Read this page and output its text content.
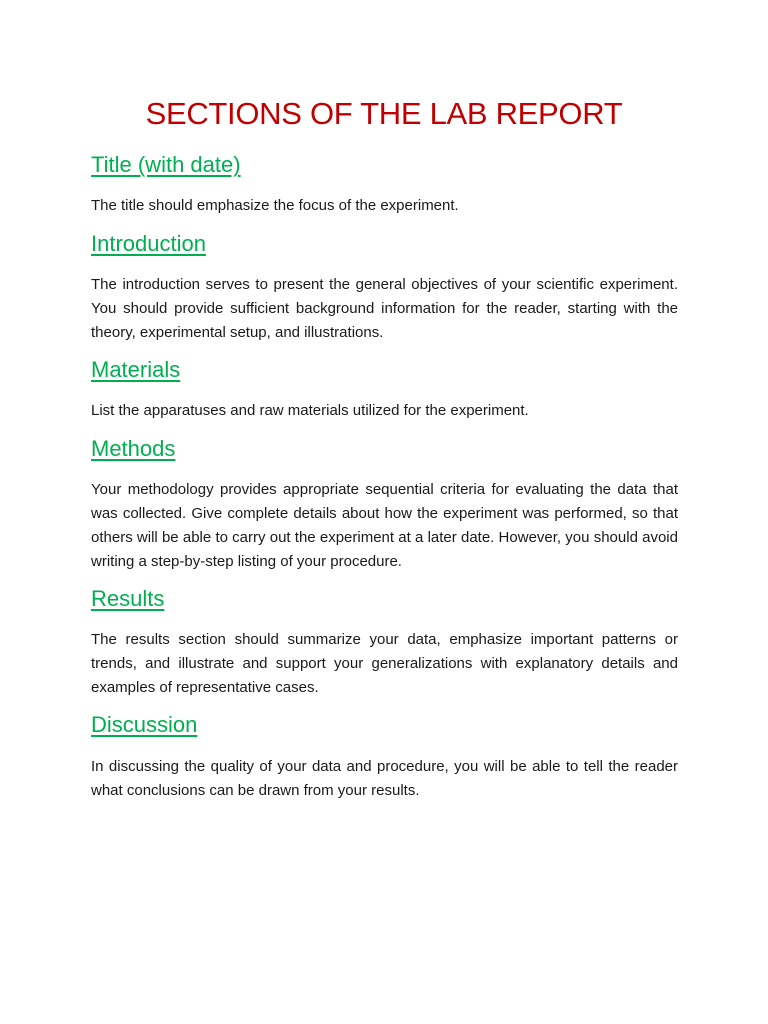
SECTIONS OF THE LAB REPORT
Title (with date)

The title should emphasize the focus of the experiment.

Introduction

The introduction serves to present the general objectives of your scientific experiment. You should provide sufficient background information for the reader, starting with the theory, experimental setup, and illustrations.

Materials

List the apparatuses and raw materials utilized for the experiment.

Methods

Your methodology provides appropriate sequential criteria for evaluating the data that was collected. Give complete details about how the experiment was performed, so that others will be able to carry out the experiment at a later date. However, you should avoid writing a step-by-step listing of your procedure.

Results

The results section should summarize your data, emphasize important patterns or trends, and illustrate and support your generalizations with explanatory details and examples of representative cases.

Discussion

In discussing the quality of your data and procedure, you will be able to tell the reader what conclusions can be drawn from your results.
